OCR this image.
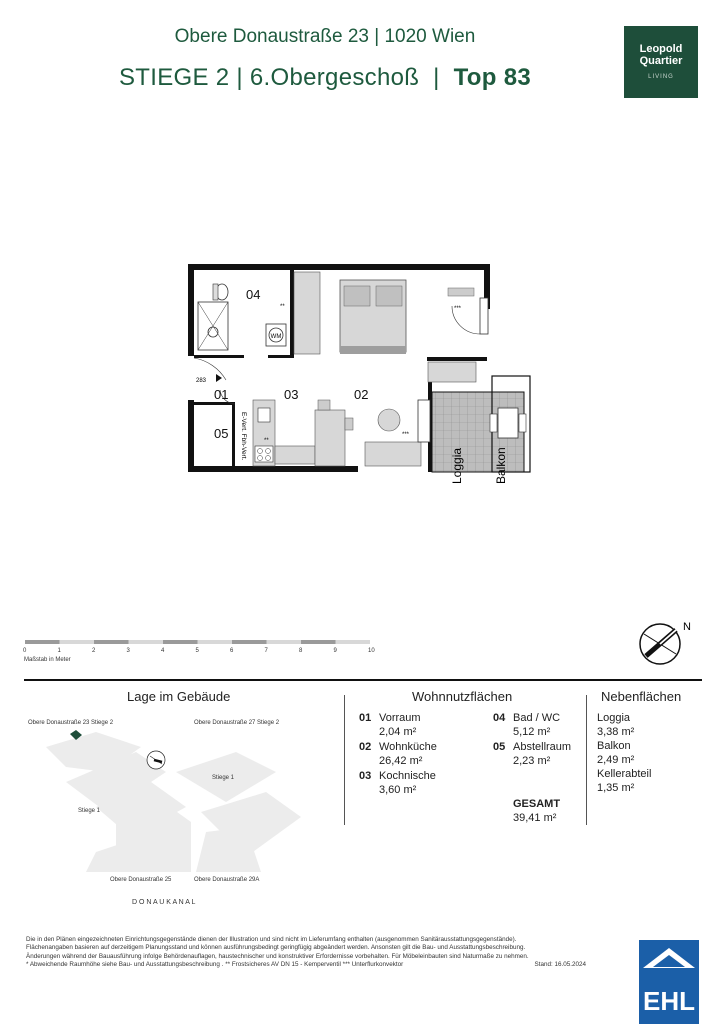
Obere Donaustraße 23 | 1020 Wien
STIEGE 2 | 6.Obergeschoß  |  Top 83
Leopold
Quartier
LIVING
WM
01	03	02
04
05
283
***
***
**
**
E-Vert. Fbh-Vert.
Loggia	Balkon
0	1	2	3	4	5	6	7	8	9	10
Maßstab in Meter
N
Lage im Gebäude
Obere Donaustraße 23 Stiege 2	Obere Donaustraße 27 Stiege 2
Stiege 1
Stiege 1
Obere Donaustraße 25	Obere Donaustraße 29A
D O N A U K A N A L
Wohnnutzflächen
01 Vorraum
2,04 m²
02 Wohnküche
26,42 m²
03 Kochnische
3,60 m²
04 Bad / WC
5,12 m²
05 Abstellraum
2,23 m²
GESAMT
39,41 m²
Nebenflächen
Loggia
3,38 m²
Balkon
2,49 m²
Kellerabteil
1,35 m²
Die in den Plänen eingezeichneten Einrichtungsgegenstände dienen der Illustration und sind nicht im Lieferumfang enthalten (ausgenommen Sanitärausstattungsgegenstände).
Flächenangaben basieren auf derzeitigem Planungsstand und können ausführungsbedingt geringfügig abgeändert werden. Ansonsten gilt die Bau- und Ausstattungsbeschreibung.
Änderungen während der Bauausführung infolge Behördenauflagen, haustechnischer und konstruktiver Erfordernisse vorbehalten. Für Möbeleinbauten sind Naturmaße zu nehmen.
* Abweichende Raumhöhe siehe Bau- und Ausstattungsbeschreibung . ** Frostsicheres AV DN 15 - Kemperventil *** Unterflurkonvektor	Stand: 16.05.2024
EHL
